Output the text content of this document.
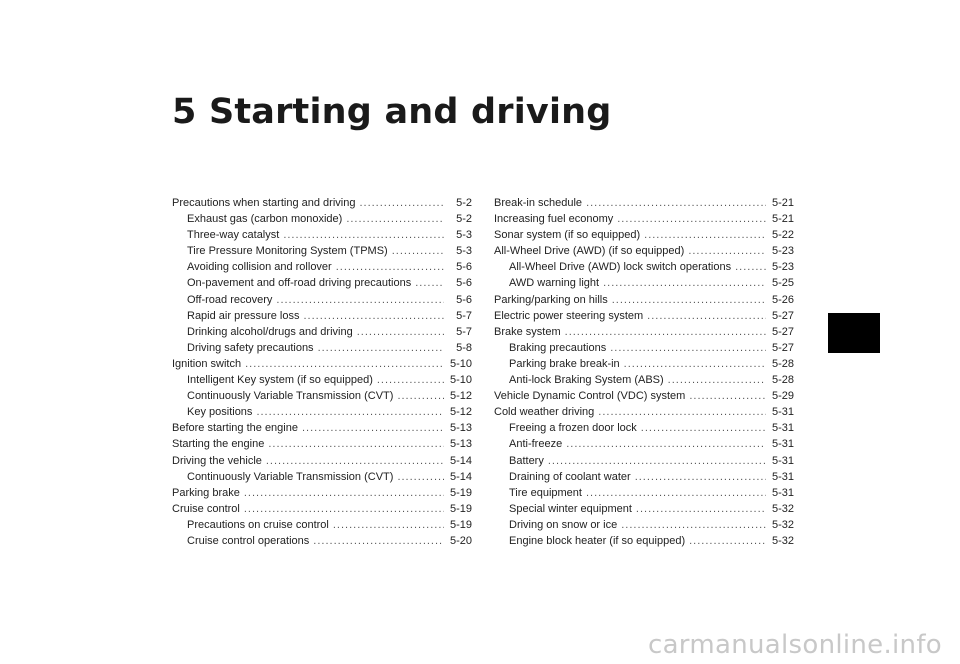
5 Starting and driving
Precautions when starting and driving .....	5-2
Exhaust gas (carbon monoxide) .....	5-2
Three-way catalyst .....	5-3
Tire Pressure Monitoring System (TPMS) .....	5-3
Avoiding collision and rollover .....	5-6
On-pavement and off-road driving precautions .....	5-6
Off-road recovery .....	5-6
Rapid air pressure loss .....	5-7
Drinking alcohol/drugs and driving .....	5-7
Driving safety precautions .....	5-8
Ignition switch .....	5-10
Intelligent Key system (if so equipped) .....	5-10
Continuously Variable Transmission (CVT) .....	5-12
Key positions .....	5-12
Before starting the engine .....	5-13
Starting the engine .....	5-13
Driving the vehicle .....	5-14
Continuously Variable Transmission (CVT) .....	5-14
Parking brake .....	5-19
Cruise control .....	5-19
Precautions on cruise control .....	5-19
Cruise control operations .....	5-20
Break-in schedule .....	5-21
Increasing fuel economy .....	5-21
Sonar system (if so equipped) .....	5-22
All-Wheel Drive (AWD) (if so equipped) .....	5-23
All-Wheel Drive (AWD) lock switch operations .....	5-23
AWD warning light .....	5-25
Parking/parking on hills .....	5-26
Electric power steering system .....	5-27
Brake system .....	5-27
Braking precautions .....	5-27
Parking brake break-in .....	5-28
Anti-lock Braking System (ABS) .....	5-28
Vehicle Dynamic Control (VDC) system .....	5-29
Cold weather driving .....	5-31
Freeing a frozen door lock .....	5-31
Anti-freeze .....	5-31
Battery .....	5-31
Draining of coolant water .....	5-31
Tire equipment .....	5-31
Special winter equipment .....	5-32
Driving on snow or ice .....	5-32
Engine block heater (if so equipped) .....	5-32
carmanualsonline.info
